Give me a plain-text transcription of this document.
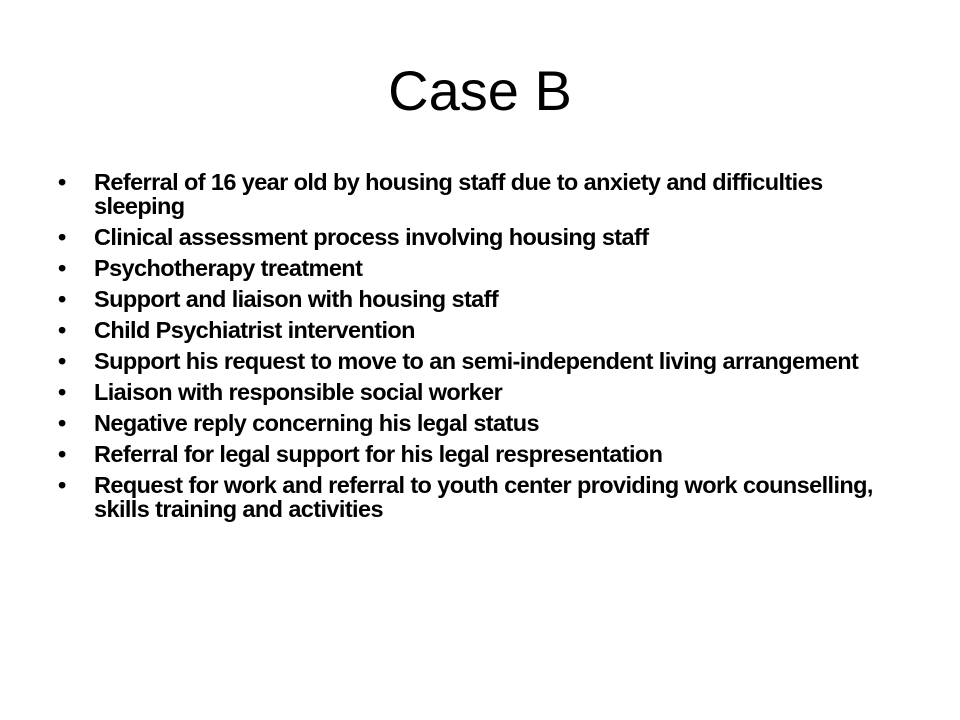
Case B
•	Referral of 16 year old by housing staff due to anxiety and difficulties sleeping
•	Clinical assessment process involving housing staff
•	Psychotherapy treatment
•	Support and liaison with housing staff
•	Child Psychiatrist intervention
•	Support his request to move to an semi-independent living arrangement
•	Liaison with responsible social worker
•	Negative reply concerning his legal status
•	Referral for legal support for his legal respresentation
•	Request for work and referral to youth center providing work counselling, skills training and activities
